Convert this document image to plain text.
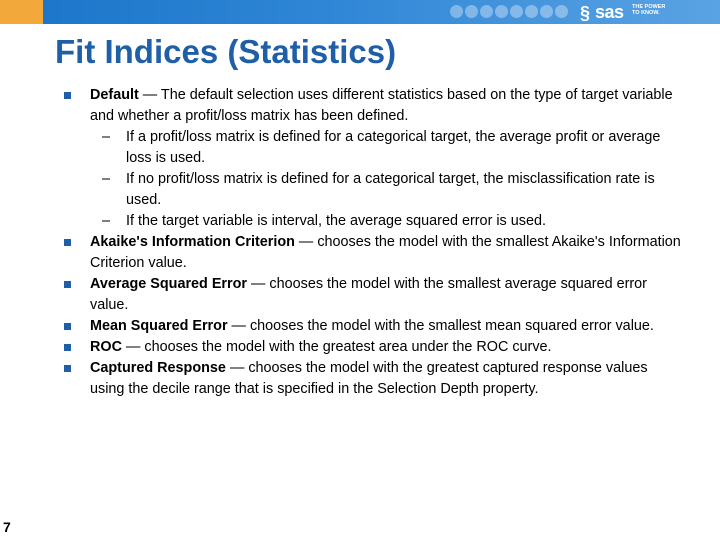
§ sas THE POWER TO KNOW.
Fit Indices (Statistics)
Default — The default selection uses different statistics based on the type of target variable and whether a profit/loss matrix has been defined.
– If a profit/loss matrix is defined for a categorical target, the average profit or average loss is used.
– If no profit/loss matrix is defined for a categorical target, the misclassification rate is used.
– If the target variable is interval, the average squared error is used.
Akaike's Information Criterion — chooses the model with the smallest Akaike's Information Criterion value.
Average Squared Error — chooses the model with the smallest average squared error value.
Mean Squared Error — chooses the model with the smallest mean squared error value.
ROC — chooses the model with the greatest area under the ROC curve.
Captured Response — chooses the model with the greatest captured response values using the decile range that is specified in the Selection Depth property.
7
